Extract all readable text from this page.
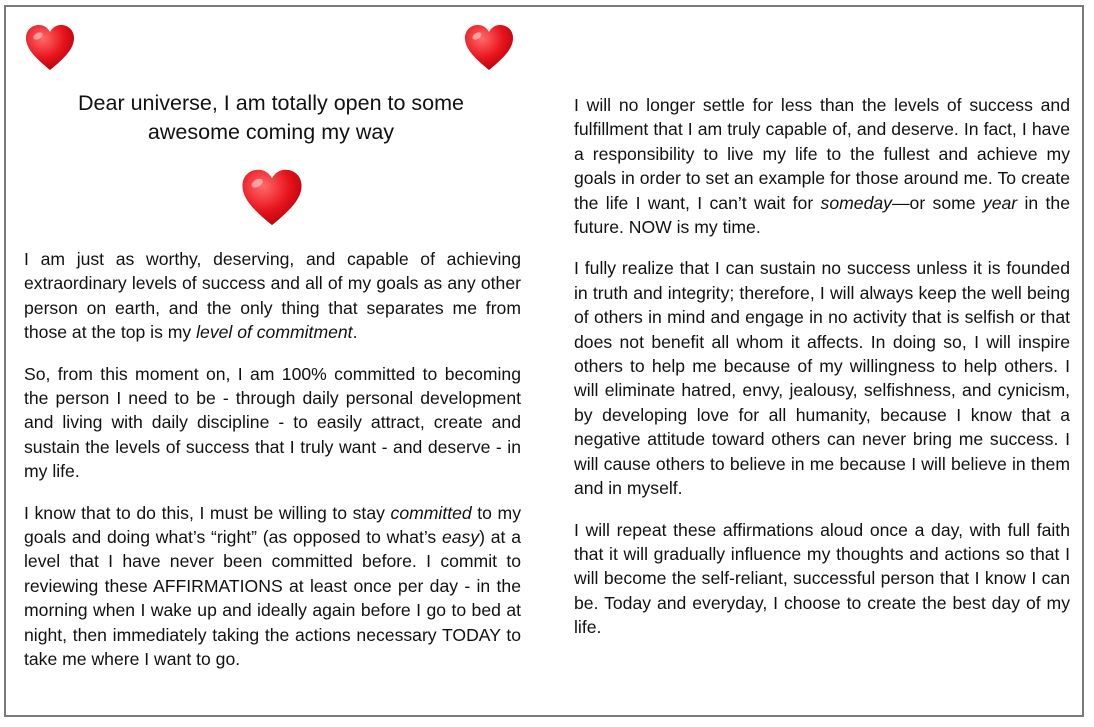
Dear universe, I am totally open to some awesome coming my way

I am just as worthy, deserving, and capable of achieving extraordinary levels of success and all of my goals as any other person on earth, and the only thing that separates me from those at the top is my level of commitment.

So, from this moment on, I am 100% committed to becoming the person I need to be - through daily personal development and living with daily discipline - to easily attract, create and sustain the levels of success that I truly want - and deserve - in my life.

I know that to do this, I must be willing to stay committed to my goals and doing what’s “right” (as opposed to what’s easy) at a level that I have never been committed before. I commit to reviewing these AFFIRMATIONS at least once per day - in the morning when I wake up and ideally again before I go to bed at night, then immediately taking the actions necessary TODAY to take me where I want to go.

I will no longer settle for less than the levels of success and fulfillment that I am truly capable of, and deserve. In fact, I have a responsibility to live my life to the fullest and achieve my goals in order to set an example for those around me. To create the life I want, I can’t wait for someday—or some year in the future. NOW is my time.

I fully realize that I can sustain no success unless it is founded in truth and integrity; therefore, I will always keep the well being of others in mind and engage in no activity that is selfish or that does not benefit all whom it affects. In doing so, I will inspire others to help me because of my willingness to help others. I will eliminate hatred, envy, jealousy, selfishness, and cynicism, by developing love for all humanity, because I know that a negative attitude toward others can never bring me success. I will cause others to believe in me because I will believe in them and in myself.

I will repeat these affirmations aloud once a day, with full faith that it will gradually influence my thoughts and actions so that I will become the self-reliant, successful person that I know I can be. Today and everyday, I choose to create the best day of my life.
